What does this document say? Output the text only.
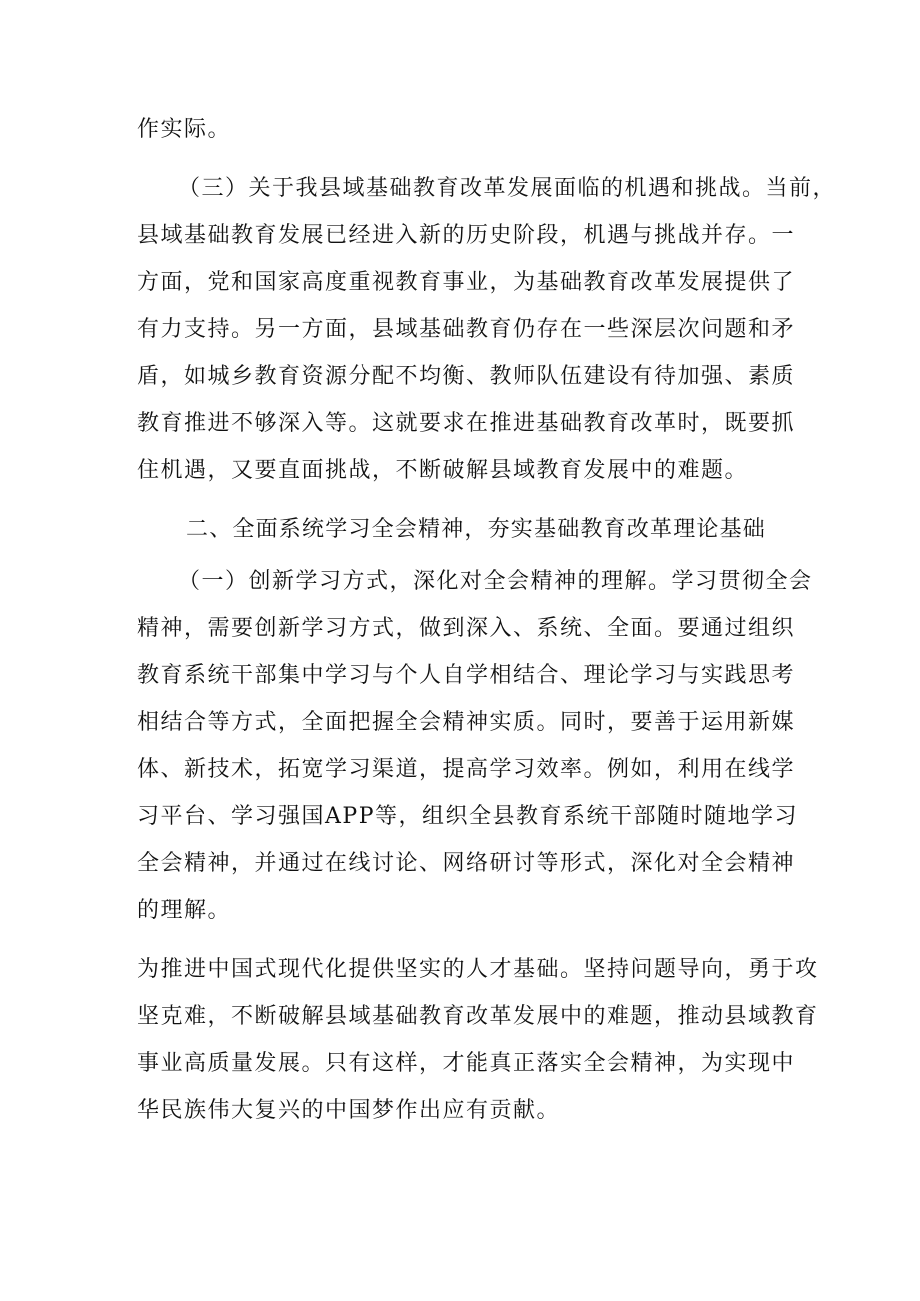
作实际。

（三）关于我县域基础教育改革发展面临的机遇和挑战。当前，

县域基础教育发展已经进入新的历史阶段，机遇与挑战并存。一

方面，党和国家高度重视教育事业，为基础教育改革发展提供了

有力支持。另一方面，县域基础教育仍存在一些深层次问题和矛

盾，如城乡教育资源分配不均衡、教师队伍建设有待加强、素质

教育推进不够深入等。这就要求在推进基础教育改革时，既要抓

住机遇，又要直面挑战，不断破解县域教育发展中的难题。

二、全面系统学习全会精神，夯实基础教育改革理论基础

（一）创新学习方式，深化对全会精神的理解。学习贯彻全会

精神，需要创新学习方式，做到深入、系统、全面。要通过组织

教育系统干部集中学习与个人自学相结合、理论学习与实践思考

相结合等方式，全面把握全会精神实质。同时，要善于运用新媒

体、新技术，拓宽学习渠道，提高学习效率。例如，利用在线学

习平台、学习强国APP等，组织全县教育系统干部随时随地学习

全会精神，并通过在线讨论、网络研讨等形式，深化对全会精神

的理解。

为推进中国式现代化提供坚实的人才基础。坚持问题导向，勇于攻

坚克难，不断破解县域基础教育改革发展中的难题，推动县域教育

事业高质量发展。只有这样，才能真正落实全会精神，为实现中

华民族伟大复兴的中国梦作出应有贡献。
